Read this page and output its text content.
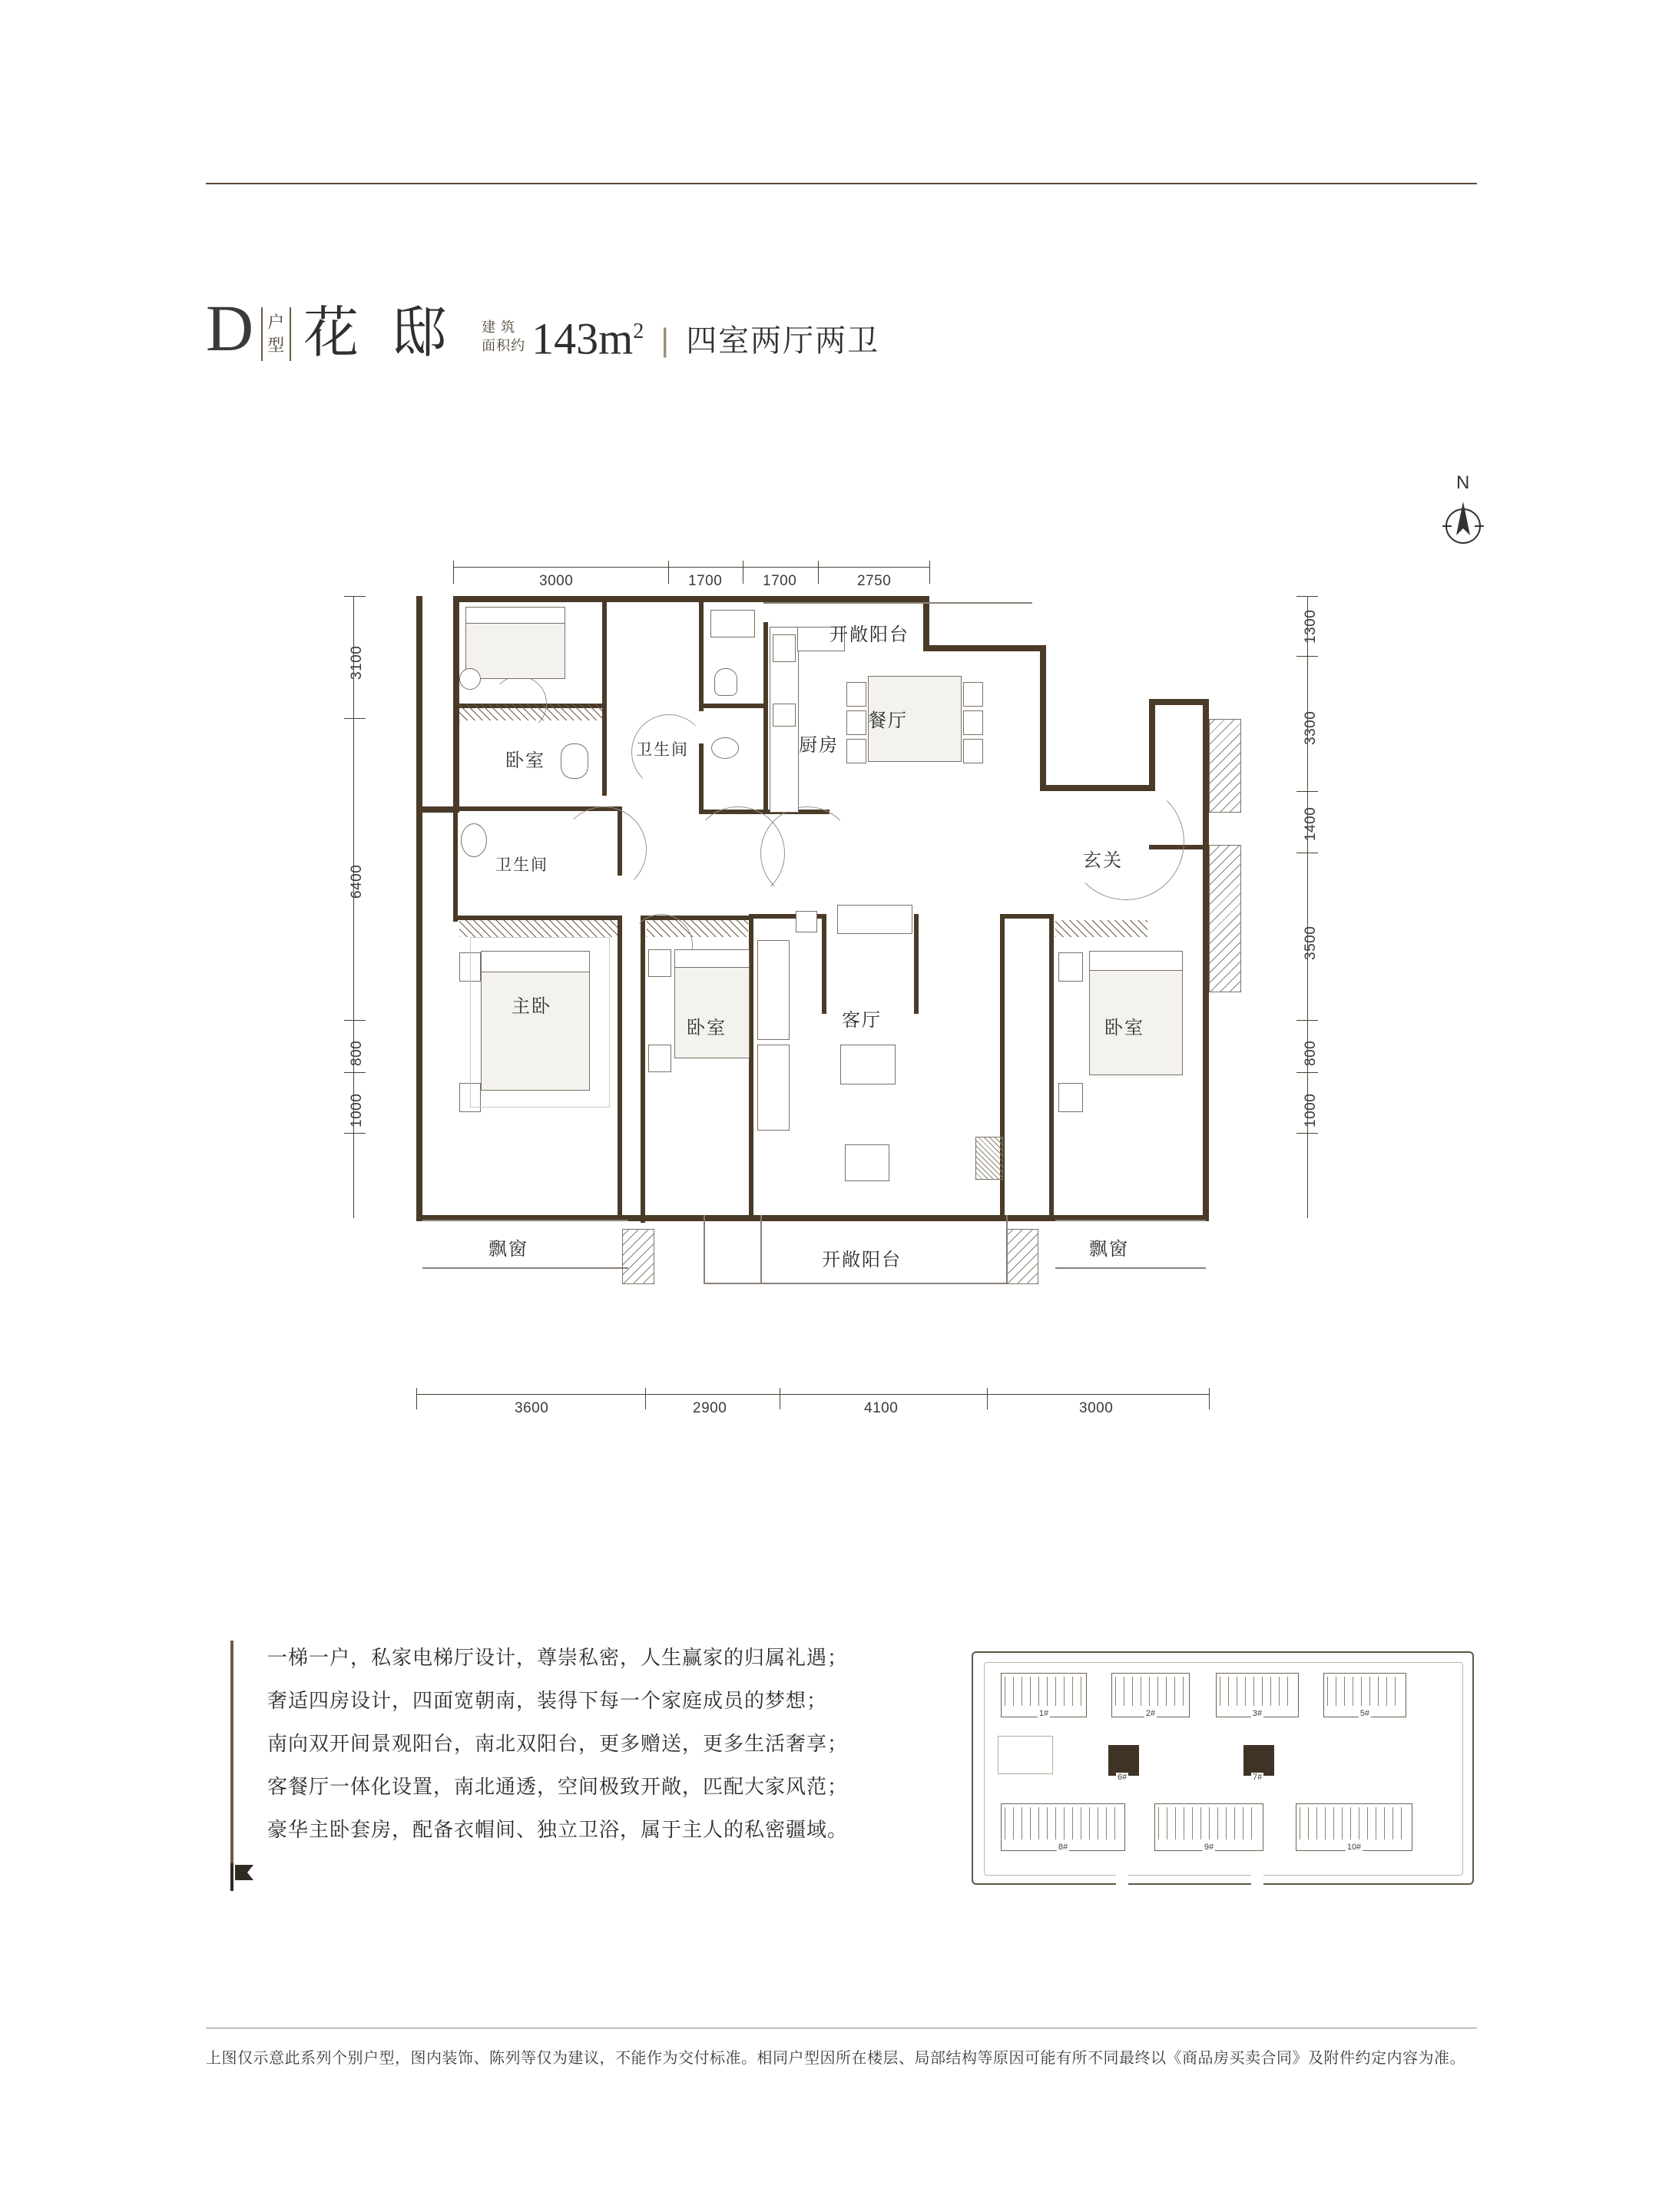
D 户
型 花 邸 建 筑
面积约 $143m^2$ | 四室两厅两卫
N
3000	1700	1700	2750
3600	2900	4100	3000
3100
6400
800
1000
1300
3300
1400
3500
800
1000
卧室
卫生间
开敞阳台
厨房
餐厅
卫生间
主卧
卧室	客厅
玄关
卧室
飘窗	飘窗
开敞阳台
一梯一户，私家电梯厅设计，尊崇私密，人生赢家的归属礼遇；
奢适四房设计，四面宽朝南，装得下每一个家庭成员的梦想；
南向双开间景观阳台，南北双阳台，更多赠送，更多生活奢享；
客餐厅一体化设置，南北通透，空间极致开敞，匹配大家风范；
豪华主卧套房，配备衣帽间、独立卫浴，属于主人的私密疆域。
1#	2#	3#	5#
6#	7#
8#	9#	10#
上图仅示意此系列个别户型，图内装饰、陈列等仅为建议，不能作为交付标准。相同户型因所在楼层、局部结构等原因可能有所不同最终以《商品房买卖合同》及附件约定内容为准。
